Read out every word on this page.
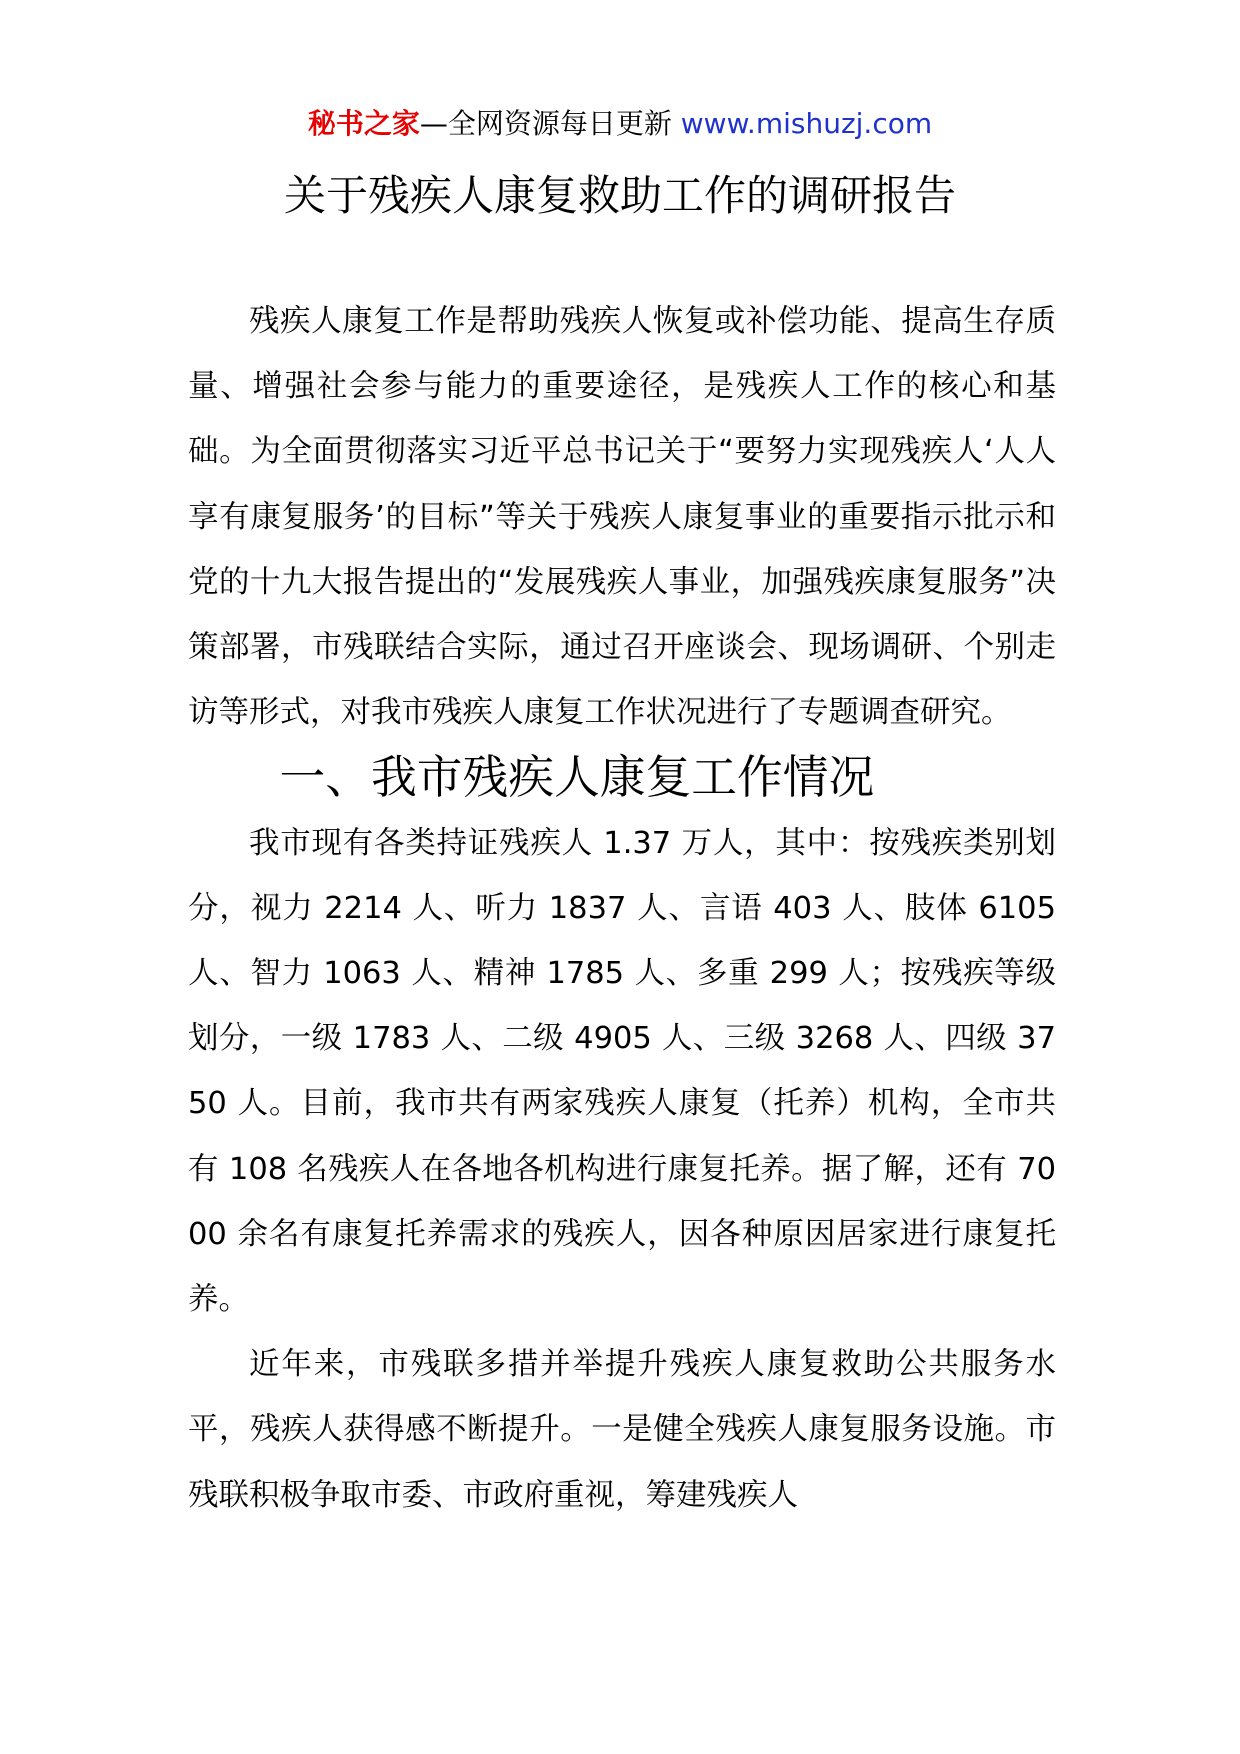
秘书之家—全网资源每日更新 www.mishuzj.com
关于残疾人康复救助工作的调研报告

残疾人康复工作是帮助残疾人恢复或补偿功能、提高生存质量、增强社会参与能力的重要途径，是残疾人工作的核心和基础。为全面贯彻落实习近平总书记关于“要努力实现残疾人‘人人享有康复服务’的目标”等关于残疾人康复事业的重要指示批示和党的十九大报告提出的“发展残疾人事业，加强残疾康复服务”决策部署，市残联结合实际，通过召开座谈会、现场调研、个别走访等形式，对我市残疾人康复工作状况进行了专题调查研究。

一、我市残疾人康复工作情况

我市现有各类持证残疾人 1.37 万人，其中：按残疾类别划分，视力 2214 人、听力 1837 人、言语 403 人、肢体 6105 人、智力 1063 人、精神 1785 人、多重 299 人；按残疾等级划分，一级 1783 人、二级 4905 人、三级 3268 人、四级 3750 人。目前，我市共有两家残疾人康复（托养）机构，全市共有 108 名残疾人在各地各机构进行康复托养。据了解，还有 7000 余名有康复托养需求的残疾人，因各种原因居家进行康复托养。

近年来，市残联多措并举提升残疾人康复救助公共服务水平，残疾人获得感不断提升。一是健全残疾人康复服务设施。市残联积极争取市委、市政府重视，筹建残疾人
